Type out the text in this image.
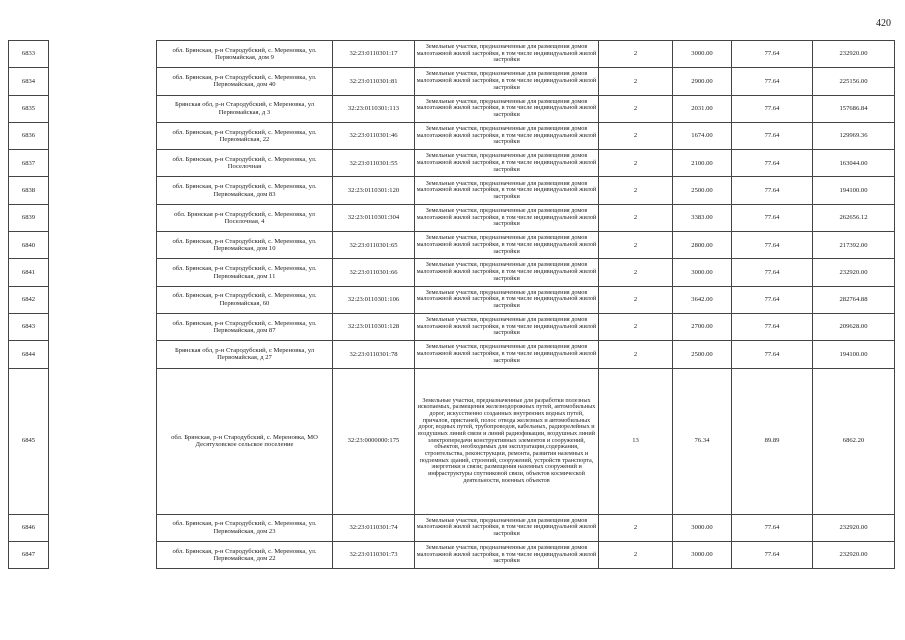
420
6833		обл. Брянская, р-н Стародубский, с. Мереновка, ул. Первомайская, дом 9	32:23:0110301:17	Земельные участки, предназначенные для размещения домов малоэтажной жилой застройки, в том числе индивидуальной жилой застройки	2	3000.00	77.64	232920.00
6834		обл. Брянская, р-н Стародубский, с. Мереновка, ул. Первомайская, дом 40	32:23:0110301:81	Земельные участки, предназначенные для размещения домов малоэтажной жилой застройки, в том числе индивидуальной жилой застройки	2	2900.00	77.64	225156.00
6835		Брянская обл, р-н Стародубский, с Мереновка, ул Первомайская, д 3	32:23:0110301:113	Земельные участки, предназначенные для размещения домов малоэтажной жилой застройки, в том числе индивидуальной жилой застройки	2	2031.00	77.64	157686.84
6836		обл. Брянская, р-н Стародубский, с. Мереновка, ул. Первомайская, 22	32:23:0110301:46	Земельные участки, предназначенные для размещения домов малоэтажной жилой застройки, в том числе индивидуальной жилой застройки	2	1674.00	77.64	129969.36
6837		обл. Брянская, р-н Стародубский, с. Мереновка, ул. Поселочная	32:23:0110301:55	Земельные участки, предназначенные для размещения домов малоэтажной жилой застройки, в том числе индивидуальной жилой застройки	2	2100.00	77.64	163044.00
6838		обл. Брянская, р-н Стародубский, с. Мереновка, ул. Первомайская, дом 83	32:23:0110301:120	Земельные участки, предназначенные для размещения домов малоэтажной жилой застройки, в том числе индивидуальной жилой застройки	2	2500.00	77.64	194100.00
6839		обл. Брянская р-н Стародубский, с. Мереновка, ул Поселочная, 4	32:23:0110301:304	Земельные участки, предназначенные для размещения домов малоэтажной жилой застройки, в том числе индивидуальной жилой застройки	2	3383.00	77.64	262656.12
6840		обл. Брянская, р-н Стародубский, с. Мереновка, ул. Первомайская, дом 10	32:23:0110301:65	Земельные участки, предназначенные для размещения домов малоэтажной жилой застройки, в том числе индивидуальной жилой застройки	2	2800.00	77.64	217392.00
6841		обл. Брянская, р-н Стародубский, с. Мереновка, ул. Первомайская, дом 11	32:23:0110301:66	Земельные участки, предназначенные для размещения домов малоэтажной жилой застройки, в том числе индивидуальной жилой застройки	2	3000.00	77.64	232920.00
6842		обл. Брянская, р-н Стародубский, с. Мереновка, ул. Первомайская, 60	32:23:0110301:106	Земельные участки, предназначенные для размещения домов малоэтажной жилой застройки, в том числе индивидуальной жилой застройки	2	3642.00	77.64	282764.88
6843		обл. Брянская, р-н Стародубский, с. Мереновка, ул. Первомайская, дом 87	32:23:0110301:128	Земельные участки, предназначенные для размещения домов малоэтажной жилой застройки, в том числе индивидуальной жилой застройки	2	2700.00	77.64	209628.00
6844		Брянская обл, р-н Стародубский, с Мереновка, ул Первомайская, д 27	32:23:0110301:78	Земельные участки, предназначенные для размещения домов малоэтажной жилой застройки, в том числе индивидуальной жилой застройки	2	2500.00	77.64	194100.00
6845		обл. Брянская, р-н Стародубский, с. Мереновка, МО Десятуховское сельское поселение	32:23:0000000:175	Земельные участки, предназначенные для разработки полезных ископаемых, размещения железнодорожных путей, автомобильных дорог, искусственно созданных внутренних водных путей, причалов, пристаней, полос отвода железных и автомобильных дорог, водных путей, трубопроводов, кабельных, радиорелейных и воздушных линий связи и линий радиофикации, воздушных линий электропередачи конструктивных элементов и сооружений, объектов, необходимых для эксплуатации,содержания, строительства, реконструкции, ремонта, развития наземных и подземных зданий, строений, сооружений, устройств транспорта, энергетики и связи; размещения наземных сооружений и инфраструктуры спутниковой связи, объектов космической деятельности, военных объектов	13	76.34	89.89	6862.20
6846		обл. Брянская, р-н Стародубский, с. Мереновка, ул. Первомайская, дом 23	32:23:0110301:74	Земельные участки, предназначенные для размещения домов малоэтажной жилой застройки, в том числе индивидуальной жилой застройки	2	3000.00	77.64	232920.00
6847		обл. Брянская, р-н Стародубский, с. Мереновка, ул. Первомайская, дом 22	32:23:0110301:73	Земельные участки, предназначенные для размещения домов малоэтажной жилой застройки, в том числе индивидуальной жилой застройки	2	3000.00	77.64	232920.00
